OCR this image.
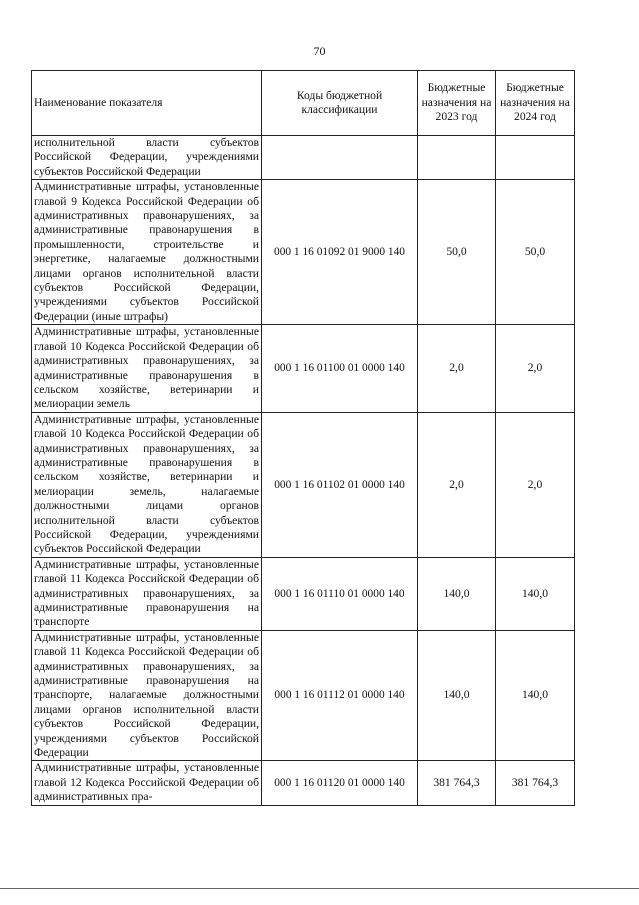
70
Наименование показателя	Коды бюджетной классификации	Бюджетные назначения на 2023 год	Бюджетные назначения на 2024 год
исполнительной власти субъектов Российской Федерации, учреждениями субъектов Российской Федерации			
Административные штрафы, установленные главой 9 Кодекса Российской Федерации об административных правонарушениях, за административные правонарушения в промышленности, строительстве и энергетике, налагаемые должностными лицами органов исполнительной власти субъектов Российской Федерации, учреждениями субъектов Российской Федерации (иные штрафы)	000 1 16 01092 01 9000 140	50,0	50,0
Административные штрафы, установленные главой 10 Кодекса Российской Федерации об административных правонарушениях, за административные правонарушения в сельском хозяйстве, ветеринарии и мелиорации земель	000 1 16 01100 01 0000 140	2,0	2,0
Административные штрафы, установленные главой 10 Кодекса Российской Федерации об административных правонарушениях, за административные правонарушения в сельском хозяйстве, ветеринарии и мелиорации земель, налагаемые должностными лицами органов исполнительной власти субъектов Российской Федерации, учреждениями субъектов Российской Федерации	000 1 16 01102 01 0000 140	2,0	2,0
Административные штрафы, установленные главой 11 Кодекса Российской Федерации об административных правонарушениях, за административные правонарушения на транспорте	000 1 16 01110 01 0000 140	140,0	140,0
Административные штрафы, установленные главой 11 Кодекса Российской Федерации об административных правонарушениях, за административные правонарушения на транспорте, налагаемые должностными лицами органов исполнительной власти субъектов Российской Федерации, учреждениями субъектов Российской Федерации	000 1 16 01112 01 0000 140	140,0	140,0
Административные штрафы, установленные главой 12 Кодекса Российской Федерации об административных пра-	000 1 16 01120 01 0000 140	381 764,3	381 764,3
